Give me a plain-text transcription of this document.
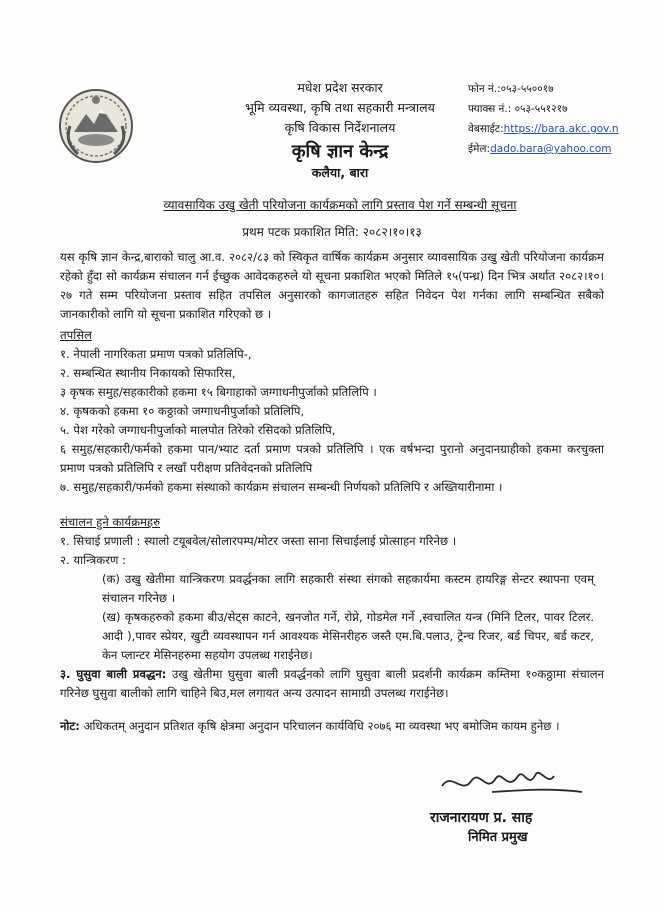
मधेश प्रदेश सरकार
भूमि व्यवस्था, कृषि तथा सहकारी मन्त्रालय
कृषि विकास निर्देशनालय
कृषि ज्ञान केन्द्र
कलैया, बारा
फोन नं.:०५३-५५००१७
फ्याक्स नं.: ०५३-५५१२१७
वेबसाईट:https://bara.akc.gov.n
ईमेल:dado.bara@yahoo.com
व्यावसायिक उखु खेती परियोजना कार्यक्रमको लागि प्रस्ताव पेश गर्ने सम्बन्धी सूचना
प्रथम पटक प्रकाशित मिति: २०८२।१०।१३

यस कृषि ज्ञान केन्द्र,बाराको चालु आ.व. २०८२/८३ को स्विकृत वार्षिक कार्यक्रम अनुसार व्यावसायिक उखु खेती परियोजना कार्यक्रम रहेको हुँदा सो कार्यक्रम संचालन गर्न ईच्छुक आवेदकहरुले यो सूचना प्रकाशित भएको मितिले १५(पन्ध्र) दिन भित्र अर्थात २०८२।१०।२७ गते सम्म परियोजना प्रस्ताव सहित तपसिल अनुसारको कागजातहरु सहित निवेदन पेश गर्नका लागि सम्बन्धित सबैको जानकारीको लागि यो सूचना प्रकाशित गरिएको छ ।

तपसिल

१. नेपाली नागरिकता प्रमाण पत्रको प्रतिलिपि-,

२. सम्बन्धित स्थानीय निकायको सिफारिस,

३ कृषक समुह/सहकारीको हकमा १५ बिगाहाको जग्गाधनीपुर्जाको प्रतिलिपि ।

४. कृषकको हकमा १० कठ्ठाको जग्गाधनीपुर्जाको प्रतिलिपि,

५. पेश गरेको जग्गाधनीपुर्जाको मालपोत तिरेको रसिदको प्रतिलिपि,

६ समुह/सहकारी/फर्मको हकमा पान/भ्याट दर्ता प्रमाण पत्रको प्रतिलिपि । एक वर्षभन्दा पुरानो अनुदानग्राहीको हकमा करचुक्ता प्रमाण पत्रको प्रतिलिपि र लखाँ परीक्षण प्रतिवेदनको प्रतिलिपि

७. समुह/सहकारी/फर्मको हकमा संस्थाको कार्यक्रम संचालन सम्बन्धी निर्णयको प्रतिलिपि र अख्तियारीनामा ।

संचालन हुने कार्यक्रमहरु

१. सिचाई प्रणाली : स्यालो टयूबवेल/सोलारपम्प/मोटर जस्ता साना सिचाईलाई प्रोत्साहन गरिनेछ ।

२. यान्त्रिकरण :

(क) उखु खेतीमा यान्त्रिकरण प्रवर्द्धनका लागि सहकारी संस्था संगको सहकार्यमा कस्टम हायरिङ्ग सेन्टर स्थापना एवम् संचालन गरिनेछ ।

(ख) कृषकहरुको हकमा बीउ/सेट्स काटने, खनजोत गर्ने, रोप्ने, गोडमेल गर्ने ,स्वचालित यन्त्र (मिनि टिलर, पावर टिलर. आदी ),पावर स्प्रेयर, खुटी व्यवस्थापन गर्न आवश्यक मेसिनरीहरु जस्तै एम.बि.पलाउ, ट्रेन्च रिजर, बर्ड चिपर, बर्ड कटर, केन प्लान्टर मेसिनहरुमा सहयोग उपलब्ध गराईनेछ।

३. घुसुवा बाली प्रवद्धन: उखु खेतीमा घुसुवा बाली प्रवर्द्धनको लागि घुसुवा बाली प्रदर्शनी कार्यक्रम कम्तिमा १०कठ्ठामा संचालन गरिनेछ घुसुवा बालीको लागि चाहिने बिउ,मल लगायत अन्य उत्पादन सामाग्री उपलब्ध गराईनेछ।

नोट: अधिकतम् अनुदान प्रतिशत कृषि क्षेत्रमा अनुदान परिचालन कार्यविधि २०७६ मा व्यवस्था भए बमोजिम कायम हुनेछ ।

राजनारायण प्र. साह
निमित प्रमुख
